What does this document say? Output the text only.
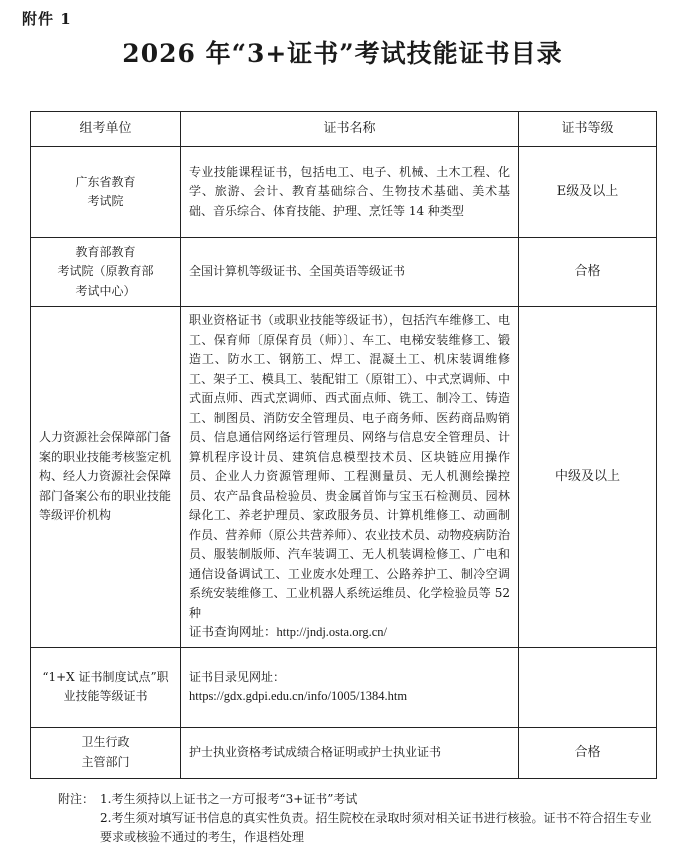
附件 1
2026 年“3+证书”考试技能证书目录
组考单位	证书名称	证书等级

广东省教育
考试院	专业技能课程证书，包括电工、电子、机械、土木工程、化学、旅游、会计、教育基础综合、生物技术基础、美术基础、音乐综合、体育技能、护理、烹饪等 14 种类型	E级及以上

教育部教育
考试院（原教育部
考试中心）	全国计算机等级证书、全国英语等级证书	合格

人力资源社会保障部门备案的职业技能考核鉴定机构、经人力资源社会保障部门备案公布的职业技能等级评价机构	职业资格证书（或职业技能等级证书），包括汽车维修工、电工、保育师〔原保育员（师）〕、车工、电梯安装维修工、锻造工、防水工、钢筋工、焊工、混凝土工、机床装调维修工、架子工、模具工、装配钳工（原钳工）、中式烹调师、中式面点师、西式烹调师、西式面点师、铣工、制冷工、铸造工、制图员、消防安全管理员、电子商务师、医药商品购销员、信息通信网络运行管理员、网络与信息安全管理员、计算机程序设计员、建筑信息模型技术员、区块链应用操作员、企业人力资源管理师、工程测量员、无人机测绘操控员、农产品食品检验员、贵金属首饰与宝玉石检测员、园林绿化工、养老护理员、家政服务员、计算机维修工、动画制作员、营养师（原公共营养师）、农业技术员、动物疫病防治员、服装制版师、汽车装调工、无人机装调检修工、广电和通信设备调试工、工业废水处理工、公路养护工、制冷空调系统安装维修工、工业机器人系统运维员、化学检验员等 52 种
证书查询网址：http://jndj.osta.org.cn/	中级及以上

“1+X 证书制度试点”职业技能等级证书	证书目录见网址：
https://gdx.gdpi.edu.cn/info/1005/1384.htm	

卫生行政
主管部门	护士执业资格考试成绩合格证明或护士执业证书	合格
附注： 1.考生须持以上证书之一方可报考“3+证书”考试
2.考生须对填写证书信息的真实性负责。招生院校在录取时须对相关证书进行核验。证书不符合招生专业要求或核验不通过的考生，作退档处理
